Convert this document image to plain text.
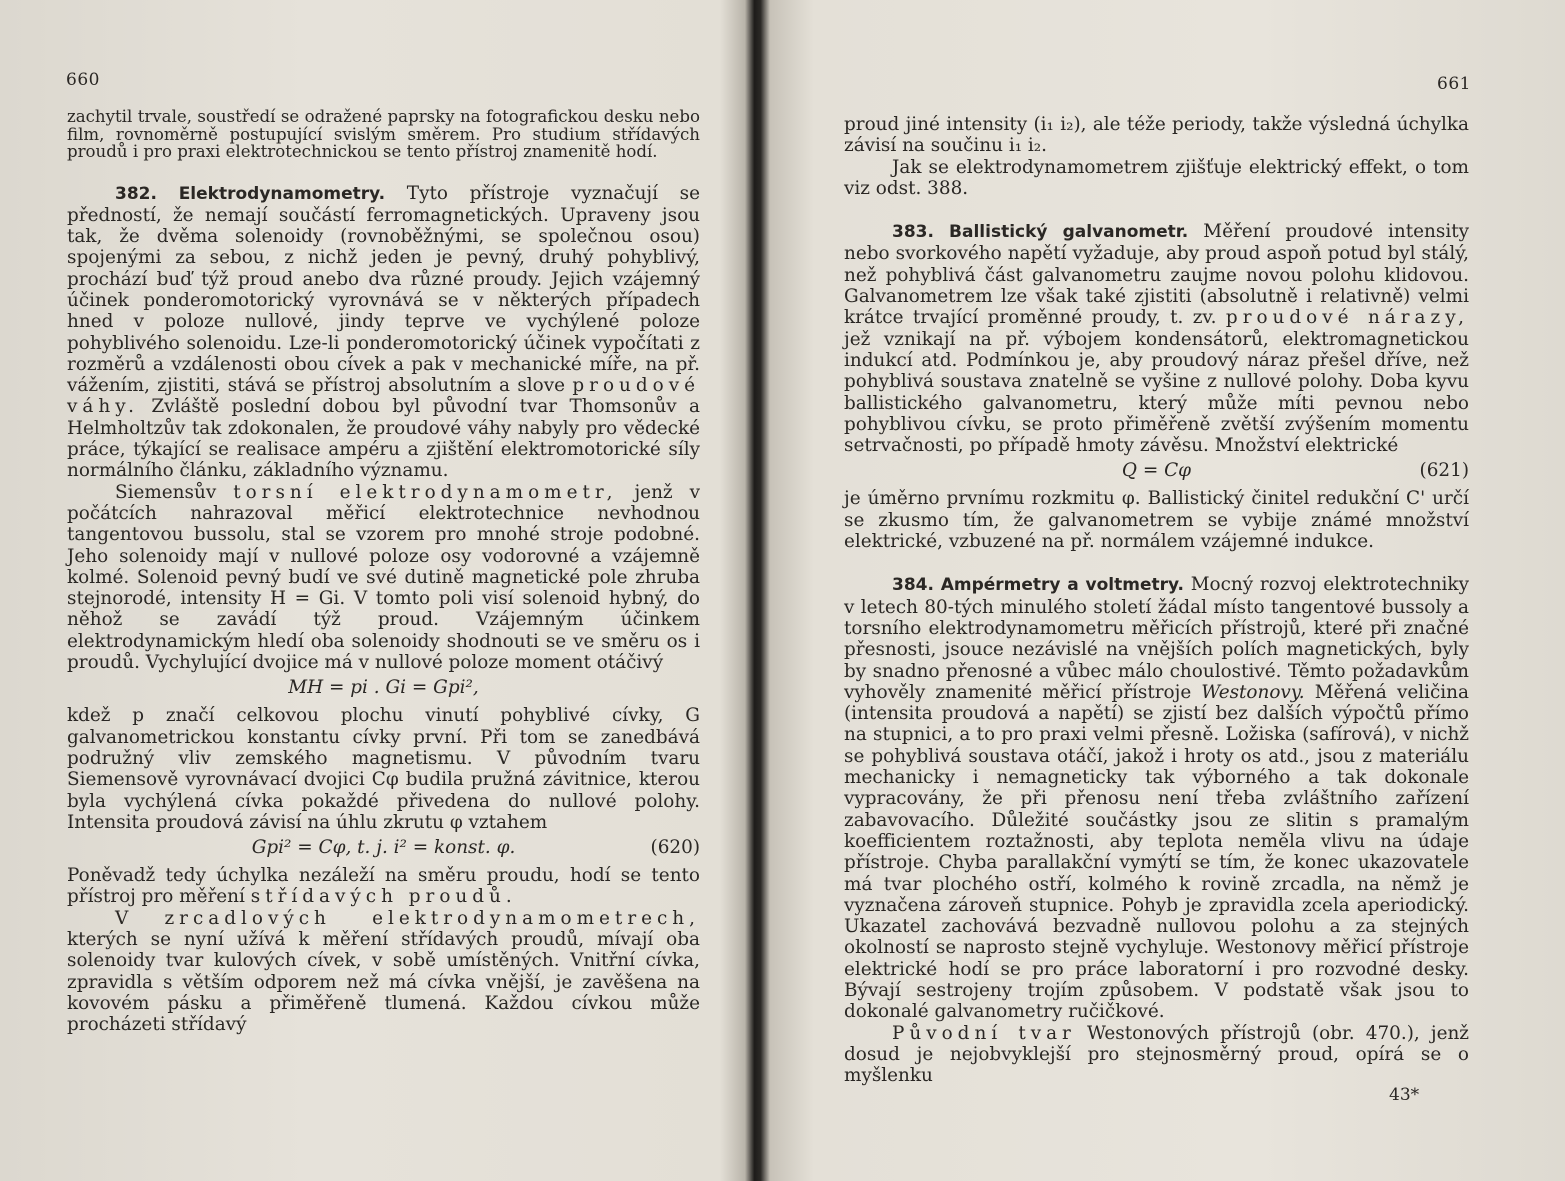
660

zachytil trvale, soustředí se odražené paprsky na fotografickou desku nebo film, rovnoměrně postupující svislým směrem. Pro studium střídavých proudů i pro praxi elektrotechnickou se tento přístroj znamenitě hodí.

382. Elektrodynamometry. Tyto přístroje vyznačují se předností, že nemají součástí ferromagnetických. Upraveny jsou tak, že dvěma solenoidy (rovnoběžnými, se společnou osou) spojenými za sebou, z nichž jeden je pevný, druhý pohyblivý, prochází buď týž proud anebo dva různé proudy. Jejich vzájemný účinek ponderomotorický vyrovnává se v některých případech hned v poloze nullové, jindy teprve ve vychýlené poloze pohyblivého solenoidu. Lze-li ponderomotorický účinek vypočítati z rozměrů a vzdálenosti obou cívek a pak v mechanické míře, na př. vážením, zjistiti, stává se přístroj absolutním a slove proudové váhy. Zvláště poslední dobou byl původní tvar Thomsonův a Helmholtzův tak zdokonalen, že proudové váhy nabyly pro vědecké práce, týkající se realisace ampéru a zjištění elektromotorické síly normálního článku, základního významu.

Siemensův torsní elektrodynamometr, jenž v počátcích nahrazoval měřicí elektrotechnice nevhodnou tangentovou bussolu, stal se vzorem pro mnohé stroje podobné. Jeho solenoidy mají v nullové poloze osy vodorovné a vzájemně kolmé. Solenoid pevný budí ve své dutině magnetické pole zhruba stejnorodé, intensity H = Gi. V tomto poli visí solenoid hybný, do něhož se zavádí týž proud. Vzájemným účinkem elektrodynamickým hledí oba solenoidy shodnouti se ve směru os i proudů. Vychylující dvojice má v nullové poloze moment otáčivý

MH = pi . Gi = Gpi²,

kdež p značí celkovou plochu vinutí pohyblivé cívky, G galvanometrickou konstantu cívky první. Při tom se zanedbává podružný vliv zemského magnetismu. V původním tvaru Siemensově vyrovnávací dvojici Cφ budila pružná závitnice, kterou byla vychýlená cívka pokaždé přivedena do nullové polohy. Intensita proudová závisí na úhlu zkrutu φ vztahem

Gpi² = Cφ, t. j. i² = konst. φ.	(620)

Poněvadž tedy úchylka nezáleží na směru proudu, hodí se tento přístroj pro měření střídavých proudů.

V zrcadlových elektrodynamometrech, kterých se nyní užívá k měření střídavých proudů, mívají oba solenoidy tvar kulových cívek, v sobě umístěných. Vnitřní cívka, zpravidla s větším odporem než má cívka vnější, je zavěšena na kovovém pásku a přiměřeně tlumená. Každou cívkou může procházeti střídavý

661

proud jiné intensity (i₁ i₂), ale téže periody, takže výsledná úchylka závisí na součinu i₁ i₂.

Jak se elektrodynamometrem zjišťuje elektrický effekt, o tom viz odst. 388.

383. Ballistický galvanometr. Měření proudové intensity nebo svorkového napětí vyžaduje, aby proud aspoň potud byl stálý, než pohyblivá část galvanometru zaujme novou polohu klidovou. Galvanometrem lze však také zjistiti (absolutně i relativně) velmi krátce trvající proměnné proudy, t. zv. proudové nárazy, jež vznikají na př. výbojem kondensátorů, elektromagnetickou indukcí atd. Podmínkou je, aby proudový náraz přešel dříve, než pohyblivá soustava znatelně se vyšine z nullové polohy. Doba kyvu ballistického galvanometru, který může míti pevnou nebo pohyblivou cívku, se proto přiměřeně zvětší zvýšením momentu setrvačnosti, po případě hmoty závěsu. Množství elektrické

Q = Cφ	(621)

je úměrno prvnímu rozkmitu φ. Ballistický činitel redukční C' určí se zkusmo tím, že galvanometrem se vybije známé množství elektrické, vzbuzené na př. normálem vzájemné indukce.

384. Ampérmetry a voltmetry. Mocný rozvoj elektrotechniky v letech 80-tých minulého století žádal místo tangentové bussoly a torsního elektrodynamometru měřicích přístrojů, které při značné přesnosti, jsouce nezávislé na vnějších polích magnetických, byly by snadno přenosné a vůbec málo choulostivé. Těmto požadavkům vyhověly znamenité měřicí přístroje Westonovy. Měřená veličina (intensita proudová a napětí) se zjistí bez dalších výpočtů přímo na stupnici, a to pro praxi velmi přesně. Ložiska (safírová), v nichž se pohyblivá soustava otáčí, jakož i hroty os atd., jsou z materiálu mechanicky i nemagneticky tak výborného a tak dokonale vypracovány, že při přenosu není třeba zvláštního zařízení zabavovacího. Důležité součástky jsou ze slitin s pramalým koefficientem roztažnosti, aby teplota neměla vlivu na údaje přístroje. Chyba parallakční vymýtí se tím, že konec ukazovatele má tvar plochého ostří, kolmého k rovině zrcadla, na němž je vyznačena zároveň stupnice. Pohyb je zpravidla zcela aperiodický. Ukazatel zachovává bezvadně nullovou polohu a za stejných okolností se naprosto stejně vychyluje. Westonovy měřicí přístroje elektrické hodí se pro práce laboratorní i pro rozvodné desky. Bývají sestrojeny trojím způsobem. V podstatě však jsou to dokonalé galvanometry ručičkové.

Původní tvar Westonových přístrojů (obr. 470.), jenž dosud je nejobvyklejší pro stejnosměrný proud, opírá se o myšlenku

43*
